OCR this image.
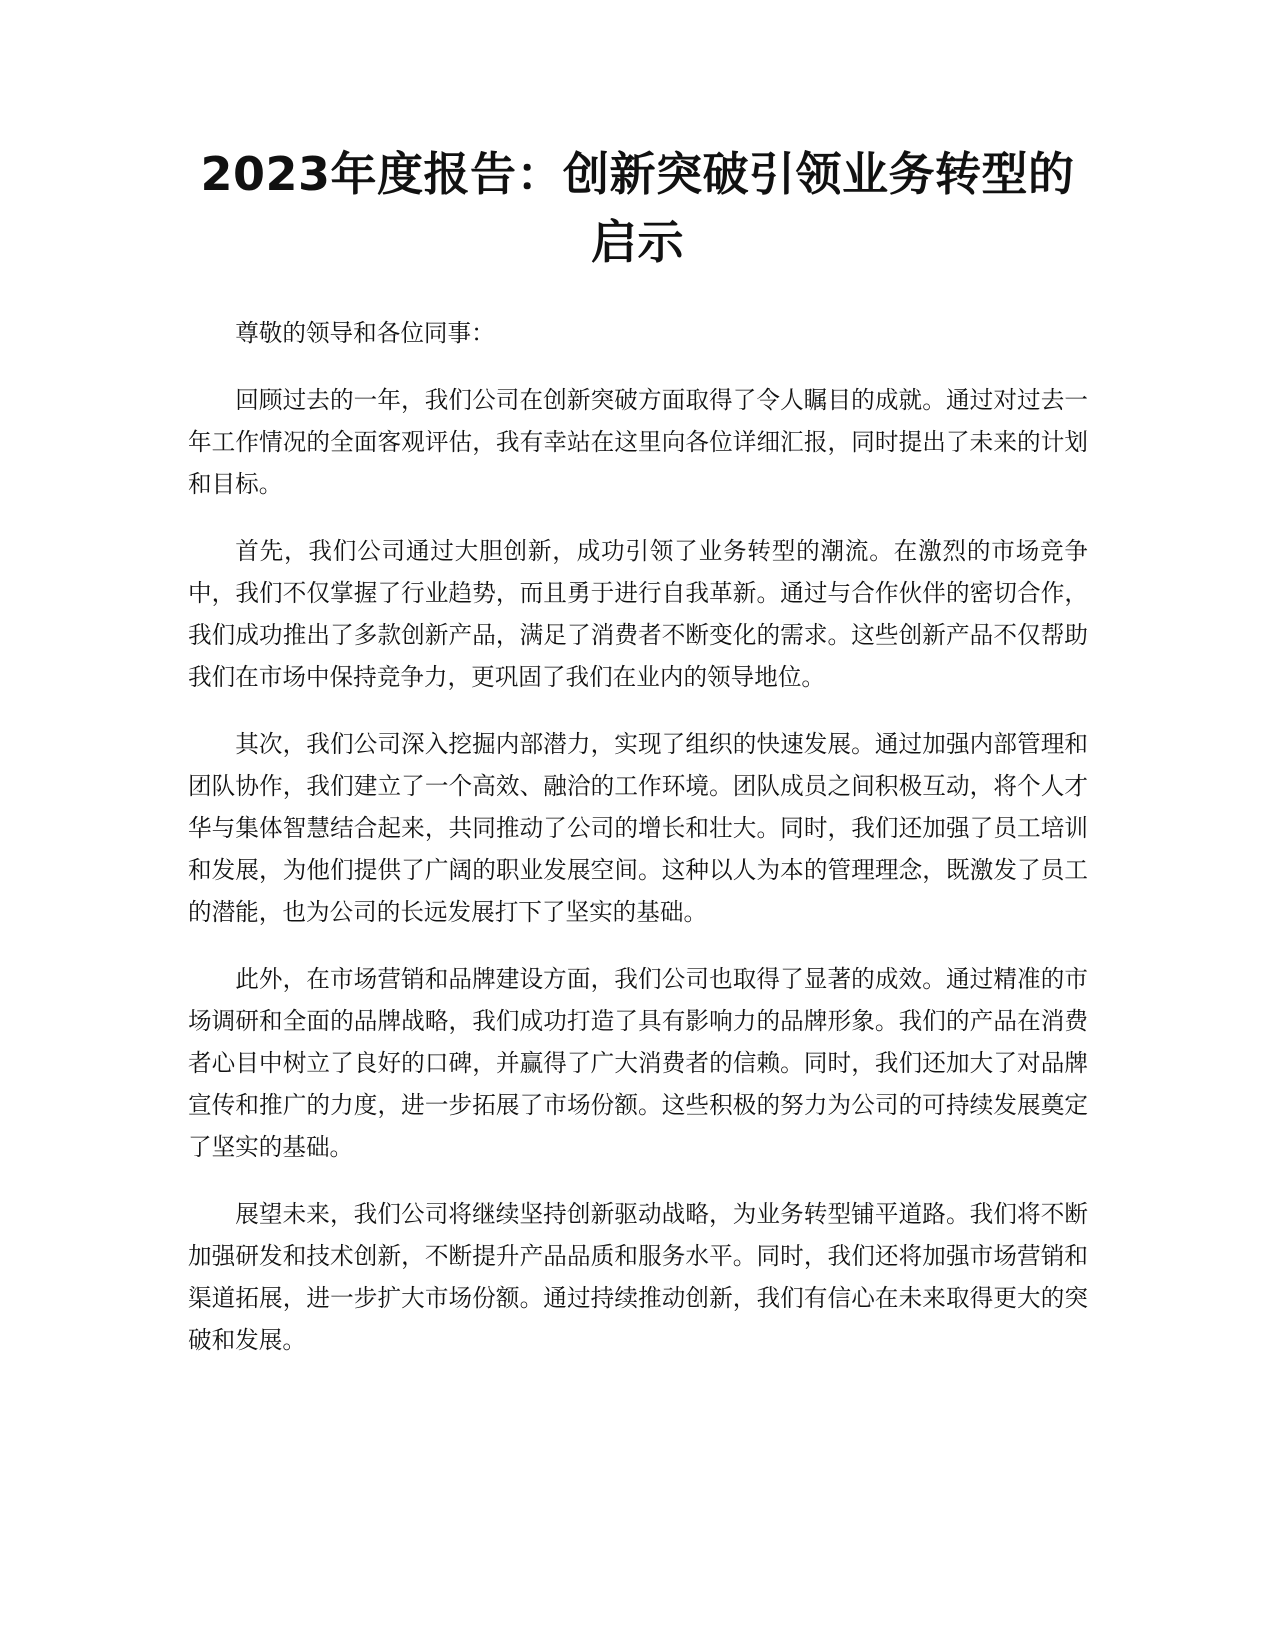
2023年度报告：创新突破引领业务转型的启示

尊敬的领导和各位同事：

回顾过去的一年，我们公司在创新突破方面取得了令人瞩目的成就。通过对过去一年工作情况的全面客观评估，我有幸站在这里向各位详细汇报，同时提出了未来的计划和目标。

首先，我们公司通过大胆创新，成功引领了业务转型的潮流。在激烈的市场竞争中，我们不仅掌握了行业趋势，而且勇于进行自我革新。通过与合作伙伴的密切合作，我们成功推出了多款创新产品，满足了消费者不断变化的需求。这些创新产品不仅帮助我们在市场中保持竞争力，更巩固了我们在业内的领导地位。

其次，我们公司深入挖掘内部潜力，实现了组织的快速发展。通过加强内部管理和团队协作，我们建立了一个高效、融洽的工作环境。团队成员之间积极互动，将个人才华与集体智慧结合起来，共同推动了公司的增长和壮大。同时，我们还加强了员工培训和发展，为他们提供了广阔的职业发展空间。这种以人为本的管理理念，既激发了员工的潜能，也为公司的长远发展打下了坚实的基础。

此外，在市场营销和品牌建设方面，我们公司也取得了显著的成效。通过精准的市场调研和全面的品牌战略，我们成功打造了具有影响力的品牌形象。我们的产品在消费者心目中树立了良好的口碑，并赢得了广大消费者的信赖。同时，我们还加大了对品牌宣传和推广的力度，进一步拓展了市场份额。这些积极的努力为公司的可持续发展奠定了坚实的基础。

展望未来，我们公司将继续坚持创新驱动战略，为业务转型铺平道路。我们将不断加强研发和技术创新，不断提升产品品质和服务水平。同时，我们还将加强市场营销和渠道拓展，进一步扩大市场份额。通过持续推动创新，我们有信心在未来取得更大的突破和发展。
